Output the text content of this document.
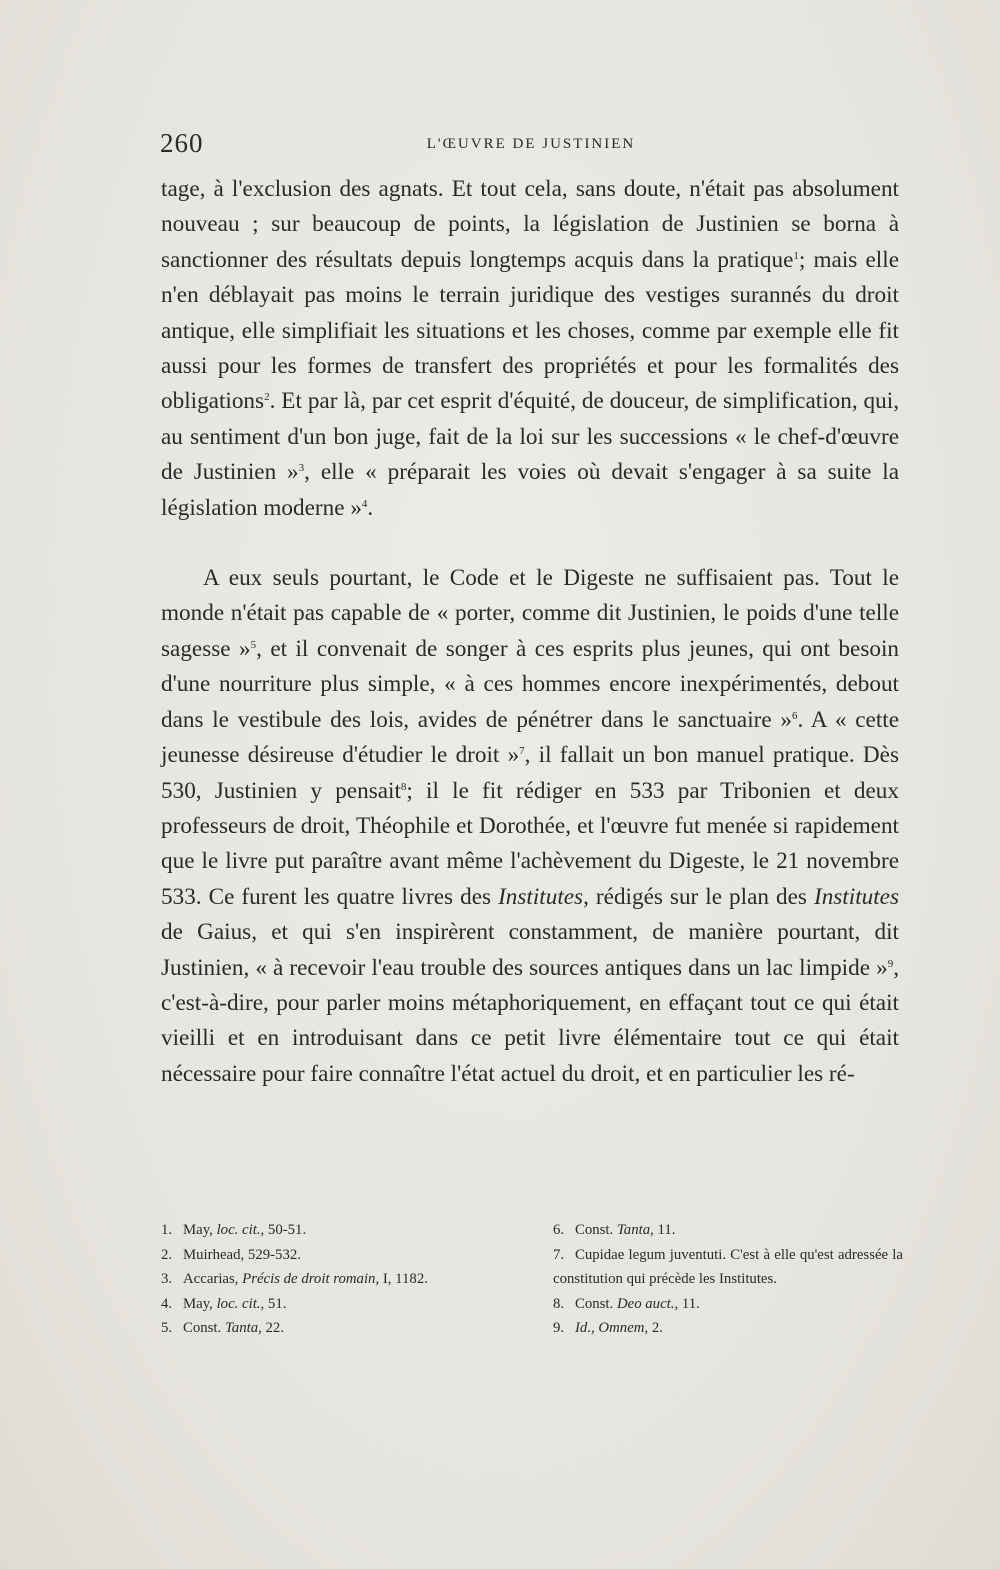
260	L'ŒUVRE DE JUSTINIEN

tage, à l'exclusion des agnats. Et tout cela, sans doute, n'était pas absolument nouveau ; sur beaucoup de points, la législation de Justinien se borna à sanctionner des résultats depuis longtemps acquis dans la pratique$^1$; mais elle n'en déblayait pas moins le terrain juridique des vestiges surannés du droit antique, elle simplifiait les situations et les choses, comme par exemple elle fit aussi pour les formes de transfert des propriétés et pour les formalités des obligations$^2$. Et par là, par cet esprit d'équité, de douceur, de simplification, qui, au sentiment d'un bon juge, fait de la loi sur les successions « le chef-d'œuvre de Justinien »$^3$, elle « préparait les voies où devait s'engager à sa suite la législation moderne »$^4$.

A eux seuls pourtant, le Code et le Digeste ne suffisaient pas. Tout le monde n'était pas capable de « porter, comme dit Justinien, le poids d'une telle sagesse »$^5$, et il convenait de songer à ces esprits plus jeunes, qui ont besoin d'une nourriture plus simple, « à ces hommes encore inexpérimentés, debout dans le vestibule des lois, avides de pénétrer dans le sanctuaire »$^6$. A « cette jeunesse désireuse d'étudier le droit »$^7$, il fallait un bon manuel pratique. Dès 530, Justinien y pensait$^8$; il le fit rédiger en 533 par Tribonien et deux professeurs de droit, Théophile et Dorothée, et l'œuvre fut menée si rapidement que le livre put paraître avant même l'achèvement du Digeste, le 21 novembre 533. Ce furent les quatre livres des Institutes, rédigés sur le plan des Institutes de Gaius, et qui s'en inspirèrent constamment, de manière pourtant, dit Justinien, « à recevoir l'eau trouble des sources antiques dans un lac limpide »$^9$, c'est-à-dire, pour parler moins métaphoriquement, en effaçant tout ce qui était vieilli et en introduisant dans ce petit livre élémentaire tout ce qui était nécessaire pour faire connaître l'état actuel du droit, et en particulier les ré-

1. May, loc. cit., 50-51.
2. Muirhead, 529-532.
3. Accarias, Précis de droit romain, I, 1182.
4. May, loc. cit., 51.
5. Const. Tanta, 22.
6. Const. Tanta, 11.
7. Cupidae legum juventuti. C'est à elle qu'est adressée la constitution qui précède les Institutes.
8. Const. Deo auct., 11.
9. Id., Omnem, 2.
